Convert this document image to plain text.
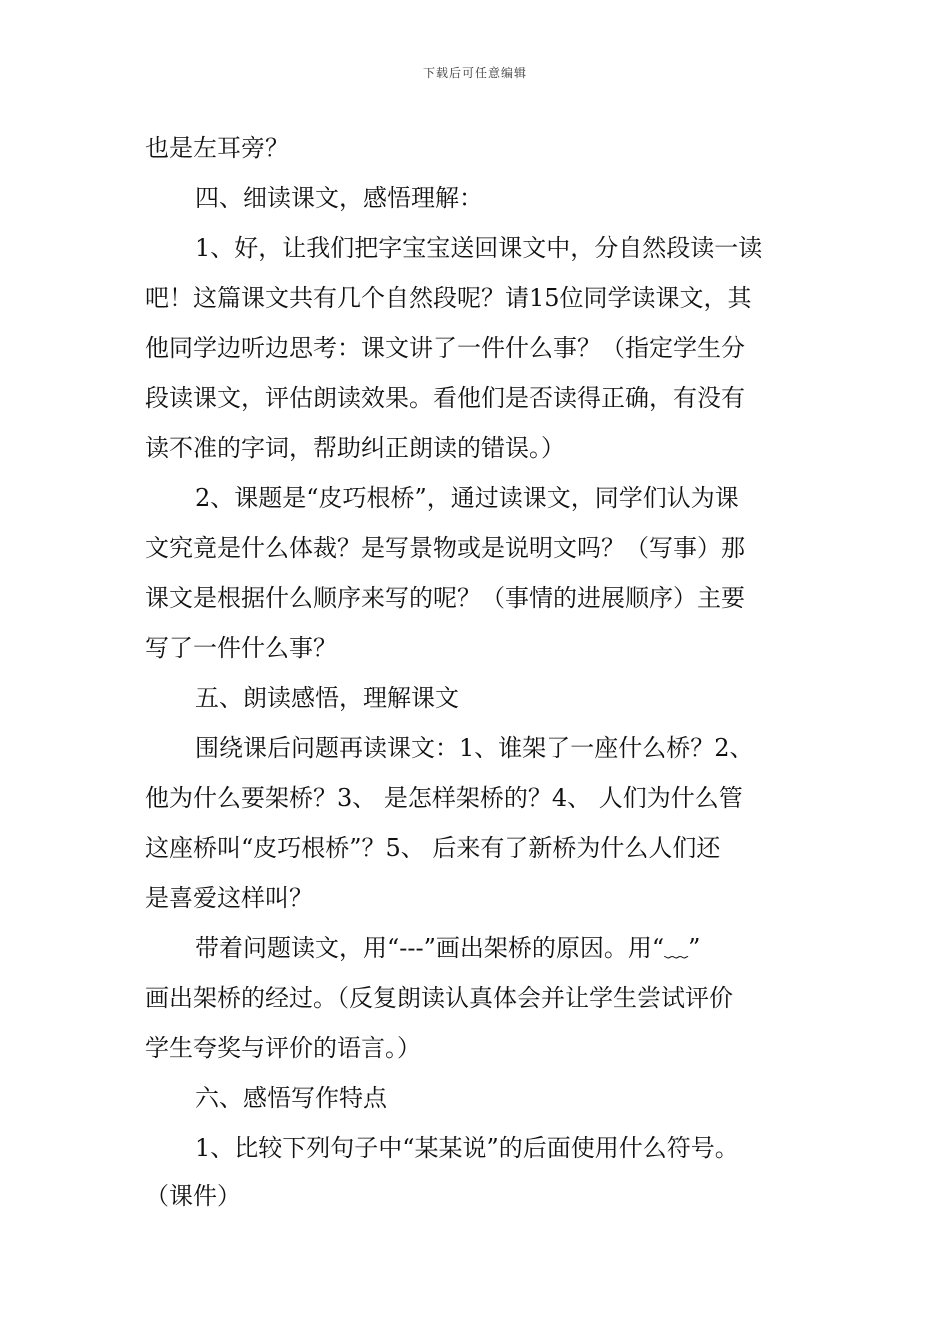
下载后可任意编辑
也是左耳旁？
四、细读课文，感悟理解：
1、好，让我们把字宝宝送回课文中，分自然段读一读
吧！这篇课文共有几个自然段呢？请15位同学读课文，其
他同学边听边思考：课文讲了一件什么事？（指定学生分
段读课文，评估朗读效果。看他们是否读得正确，有没有
读不准的字词，帮助纠正朗读的错误。）
2、课题是“皮巧根桥”，通过读课文，同学们认为课
文究竟是什么体裁？是写景物或是说明文吗？（写事）那
课文是根据什么顺序来写的呢？（事情的进展顺序）主要
写了一件什么事？
五、朗读感悟，理解课文
围绕课后问题再读课文：1、谁架了一座什么桥？2、
他为什么要架桥？3、 是怎样架桥的？4、 人们为什么管
这座桥叫“皮巧根桥”？5、 后来有了新桥为什么人们还
是喜爱这样叫？
带着问题读文，用“---”画出架桥的原因。用“﹏”
画出架桥的经过。（反复朗读认真体会并让学生尝试评价
学生夸奖与评价的语言。）
六、感悟写作特点
1、比较下列句子中“某某说”的后面使用什么符号。
（课件）
